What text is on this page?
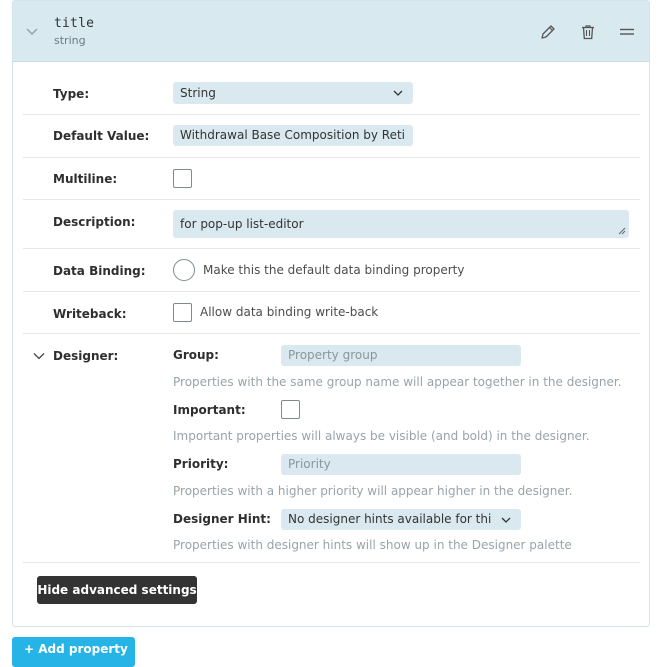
title
string
Type:	String
Default Value:	Withdrawal Base Composition by Reti
Multiline:
Description:	for pop-up list-editor
Data Binding:	Make this the default data binding property
Writeback:	Allow data binding write-back
Designer:	Group:	Property group
Properties with the same group name will appear together in the designer.
Important:
Important properties will always be visible (and bold) in the designer.
Priority:	Priority
Properties with a higher priority will appear higher in the designer.
Designer Hint:	No designer hints available for thi
Properties with designer hints will show up in the Designer palette
Hide advanced settings
+ Add property
